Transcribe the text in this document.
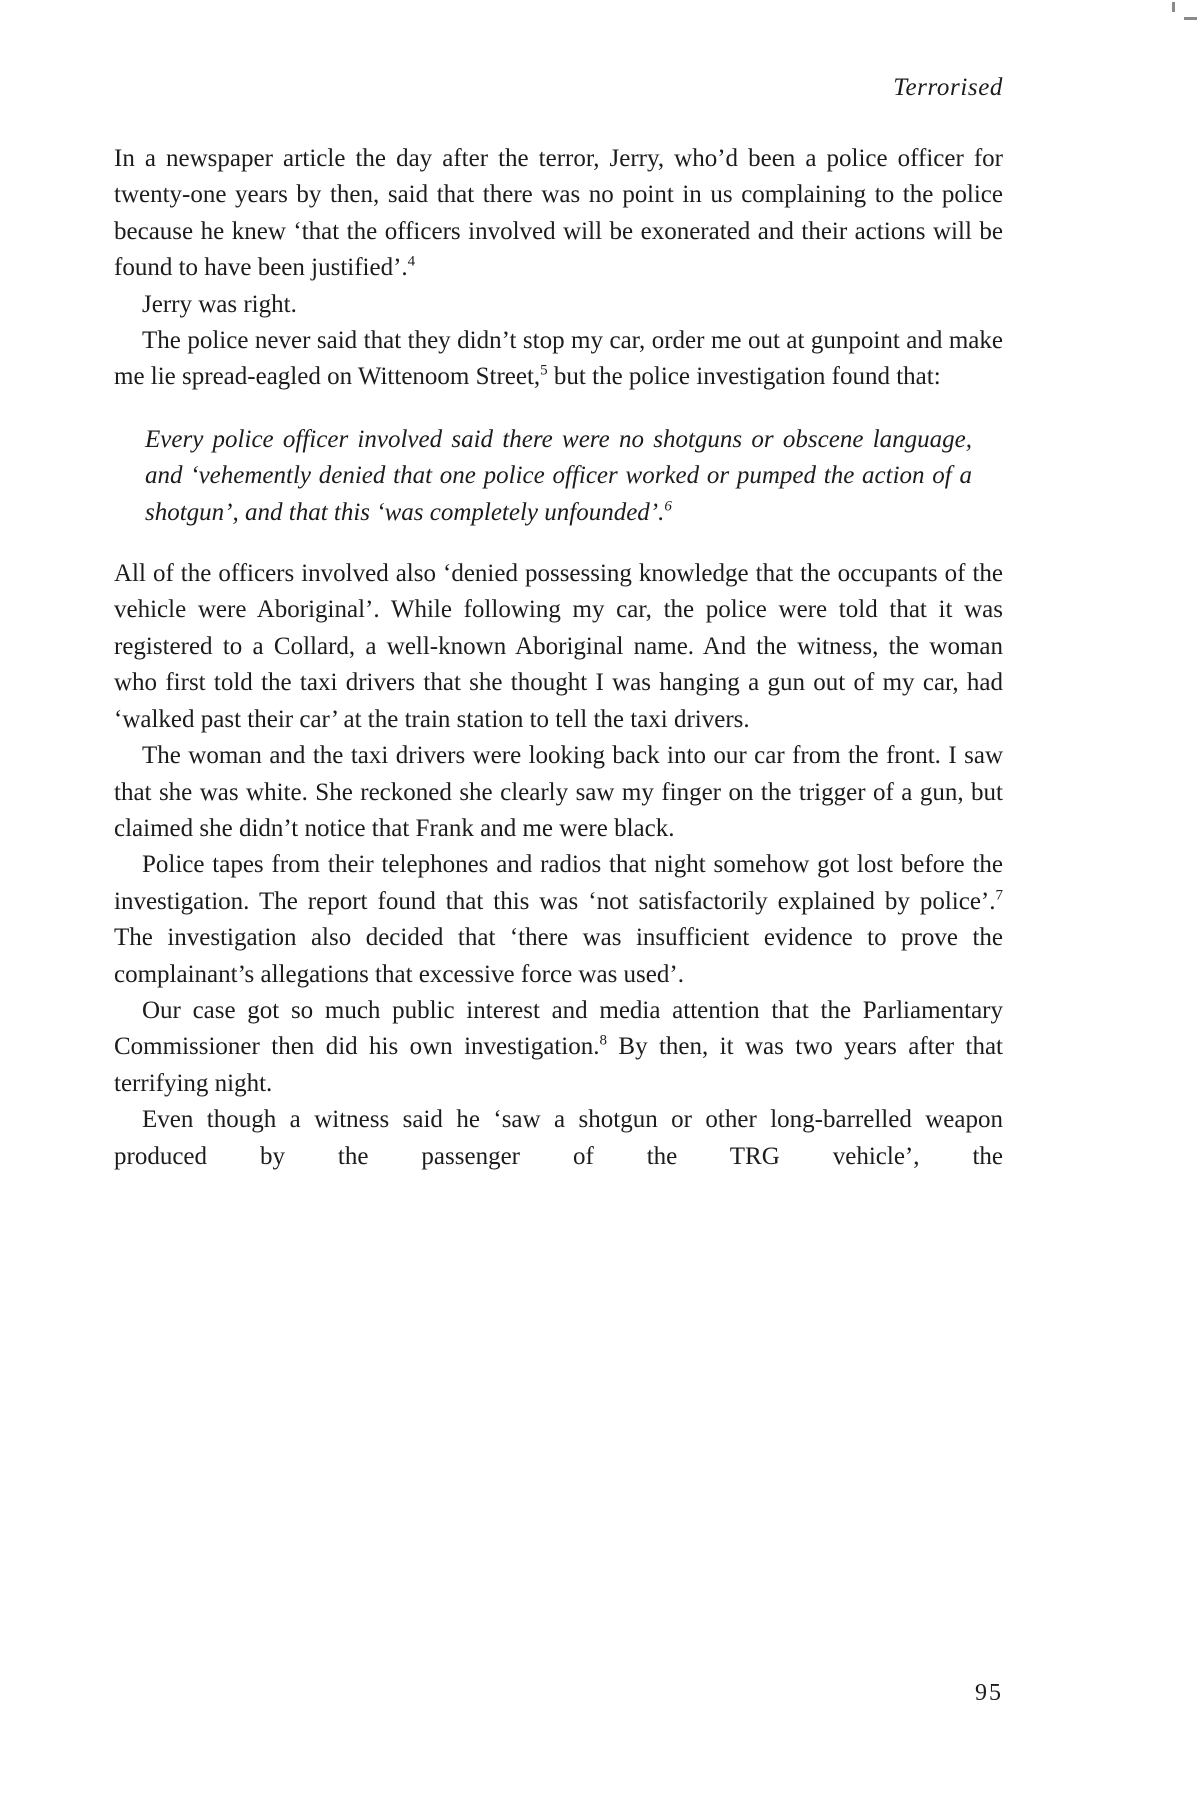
Terrorised

In a newspaper article the day after the terror, Jerry, who’d been a police officer for twenty-one years by then, said that there was no point in us complaining to the police because he knew ‘that the officers involved will be exonerated and their actions will be found to have been justified’.$^4$

Jerry was right.

The police never said that they didn’t stop my car, order me out at gunpoint and make me lie spread-eagled on Wittenoom Street,$^5$ but the police investigation found that:

Every police officer involved said there were no shotguns or obscene language, and ‘vehemently denied that one police officer worked or pumped the action of a shotgun’, and that this ‘was completely unfounded’.$^6$

All of the officers involved also ‘denied possessing knowledge that the occupants of the vehicle were Aboriginal’. While following my car, the police were told that it was registered to a Collard, a well-known Aboriginal name. And the witness, the woman who first told the taxi drivers that she thought I was hanging a gun out of my car, had ‘walked past their car’ at the train station to tell the taxi drivers.

The woman and the taxi drivers were looking back into our car from the front. I saw that she was white. She reckoned she clearly saw my finger on the trigger of a gun, but claimed she didn’t notice that Frank and me were black.

Police tapes from their telephones and radios that night somehow got lost before the investigation. The report found that this was ‘not satisfactorily explained by police’.$^7$ The investigation also decided that ‘there was insufficient evidence to prove the complainant’s allegations that excessive force was used’.

Our case got so much public interest and media attention that the Parliamentary Commissioner then did his own investigation.$^8$ By then, it was two years after that terrifying night.

Even though a witness said he ‘saw a shotgun or other long-barrelled weapon produced by the passenger of the TRG vehicle’, the

95
